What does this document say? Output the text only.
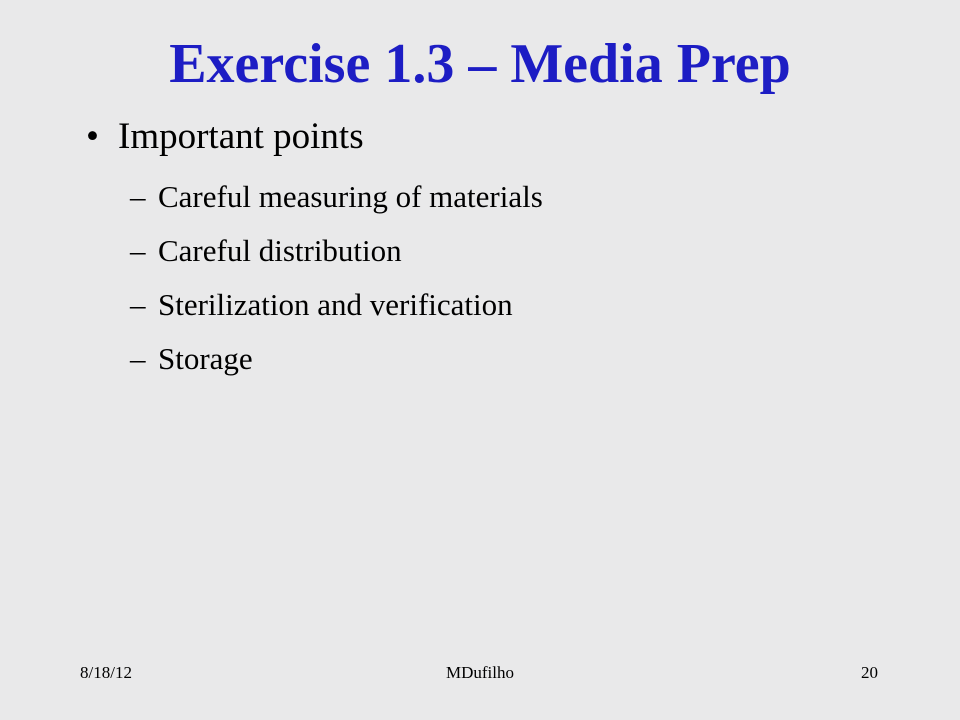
Exercise 1.3 – Media Prep
• Important points
– Careful measuring of materials
– Careful distribution
– Sterilization and verification
– Storage
8/18/12	MDufilho	20
